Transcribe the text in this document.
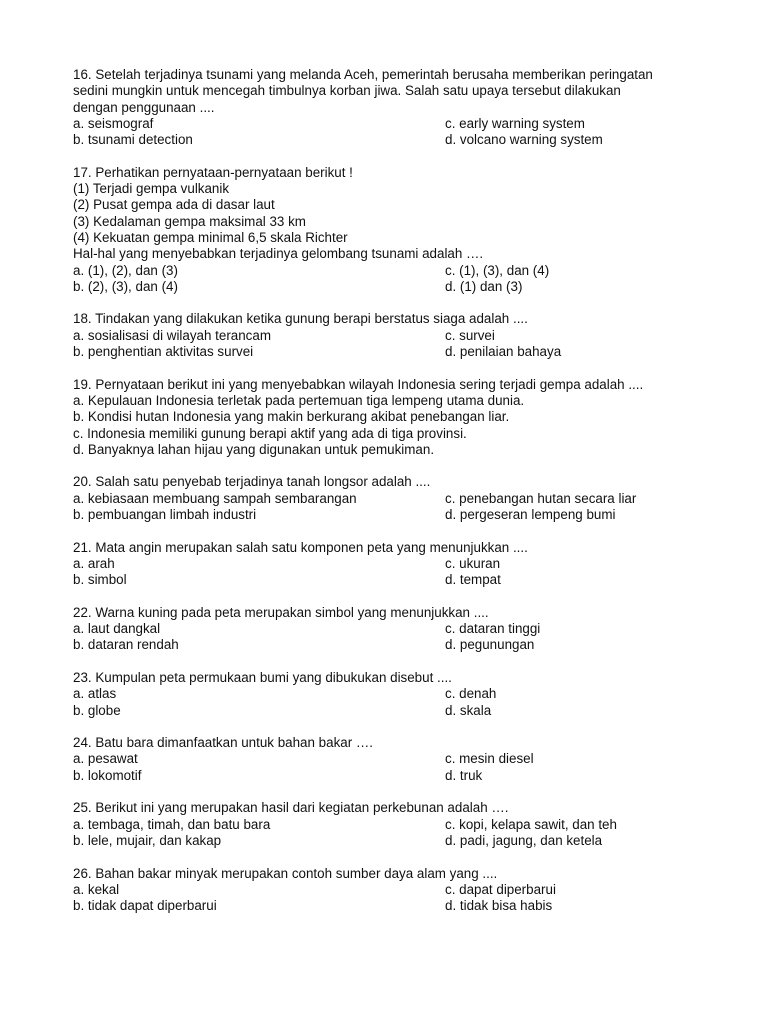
16. Setelah terjadinya tsunami yang melanda Aceh, pemerintah berusaha memberikan peringatan
sedini mungkin untuk mencegah timbulnya korban jiwa. Salah satu upaya tersebut dilakukan
dengan penggunaan ....
a. seismograf	c. early warning system
b. tsunami detection	d. volcano warning system
17. Perhatikan pernyataan-pernyataan berikut !
(1) Terjadi gempa vulkanik
(2) Pusat gempa ada di dasar laut
(3) Kedalaman gempa maksimal 33 km
(4) Kekuatan gempa minimal 6,5 skala Richter
Hal-hal yang menyebabkan terjadinya gelombang tsunami adalah ….
a. (1), (2), dan (3)	c. (1), (3), dan (4)
b. (2), (3), dan (4)	d. (1) dan (3)
18. Tindakan yang dilakukan ketika gunung berapi berstatus siaga adalah ....
a. sosialisasi di wilayah terancam	c. survei
b. penghentian aktivitas survei	d. penilaian bahaya
19. Pernyataan berikut ini yang menyebabkan wilayah Indonesia sering terjadi gempa adalah ....
a. Kepulauan Indonesia terletak pada pertemuan tiga lempeng utama dunia.
b. Kondisi hutan Indonesia yang makin berkurang akibat penebangan liar.
c. Indonesia memiliki gunung berapi aktif yang ada di tiga provinsi.
d. Banyaknya lahan hijau yang digunakan untuk pemukiman.
20. Salah satu penyebab terjadinya tanah longsor adalah ....
a. kebiasaan membuang sampah sembarangan	c. penebangan hutan secara liar
b. pembuangan limbah industri	d. pergeseran lempeng bumi
21. Mata angin merupakan salah satu komponen peta yang menunjukkan ....
a. arah	c. ukuran
b. simbol	d. tempat
22. Warna kuning pada peta merupakan simbol yang menunjukkan ....
a. laut dangkal	c. dataran tinggi
b. dataran rendah	d. pegunungan
23. Kumpulan peta permukaan bumi yang dibukukan disebut ....
a. atlas	c. denah
b. globe	d. skala
24. Batu bara dimanfaatkan untuk bahan bakar ….
a. pesawat	c. mesin diesel
b. lokomotif	d. truk
25. Berikut ini yang merupakan hasil dari kegiatan perkebunan adalah ….
a. tembaga, timah, dan batu bara	c. kopi, kelapa sawit, dan teh
b. lele, mujair, dan kakap	d. padi, jagung, dan ketela
26. Bahan bakar minyak merupakan contoh sumber daya alam yang ....
a. kekal	c. dapat diperbarui
b. tidak dapat diperbarui	d. tidak bisa habis
